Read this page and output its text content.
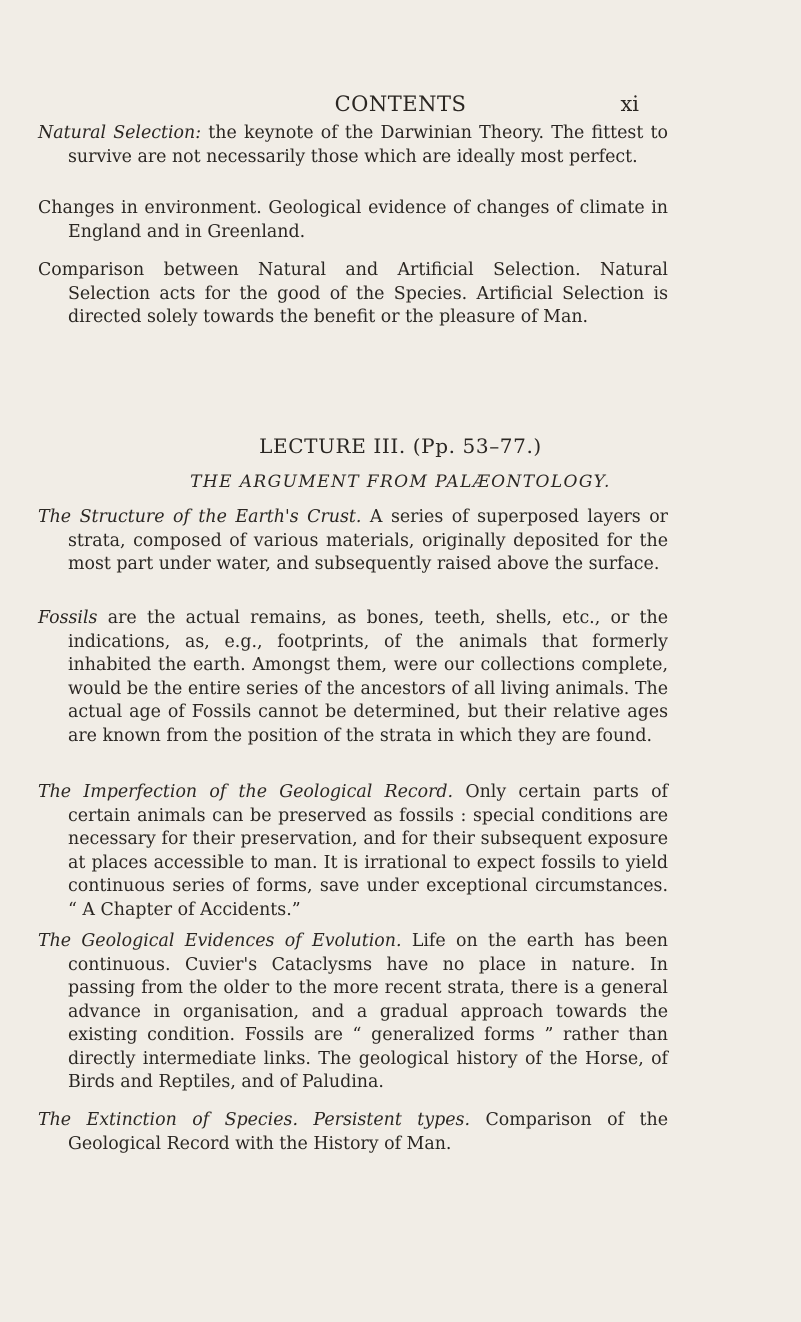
CONTENTS	xi

Natural Selection: the keynote of the Darwinian Theory. The fittest to survive are not necessarily those which are ideally most perfect.

Changes in environment. Geological evidence of changes of climate in England and in Greenland.

Comparison between Natural and Artificial Selection. Natural Selection acts for the good of the Species. Artificial Selection is directed solely towards the benefit or the pleasure of Man.

LECTURE III. (Pp. 53–77.)
THE ARGUMENT FROM PALÆONTOLOGY.

The Structure of the Earth's Crust. A series of superposed layers or strata, composed of various materials, originally deposited for the most part under water, and subsequently raised above the surface.

Fossils are the actual remains, as bones, teeth, shells, etc., or the indications, as, e.g., footprints, of the animals that formerly inhabited the earth. Amongst them, were our collections complete, would be the entire series of the ancestors of all living animals. The actual age of Fossils cannot be determined, but their relative ages are known from the position of the strata in which they are found.

The Imperfection of the Geological Record. Only certain parts of certain animals can be preserved as fossils : special conditions are necessary for their preservation, and for their subsequent exposure at places accessible to man. It is irrational to expect fossils to yield continuous series of forms, save under exceptional circumstances. “ A Chapter of Accidents.”

The Geological Evidences of Evolution. Life on the earth has been continuous. Cuvier's Cataclysms have no place in nature. In passing from the older to the more recent strata, there is a general advance in organisation, and a gradual approach towards the existing condition. Fossils are “ generalized forms ” rather than directly intermediate links. The geological history of the Horse, of Birds and Reptiles, and of Paludina.

The Extinction of Species. Persistent types. Comparison of the Geological Record with the History of Man.
